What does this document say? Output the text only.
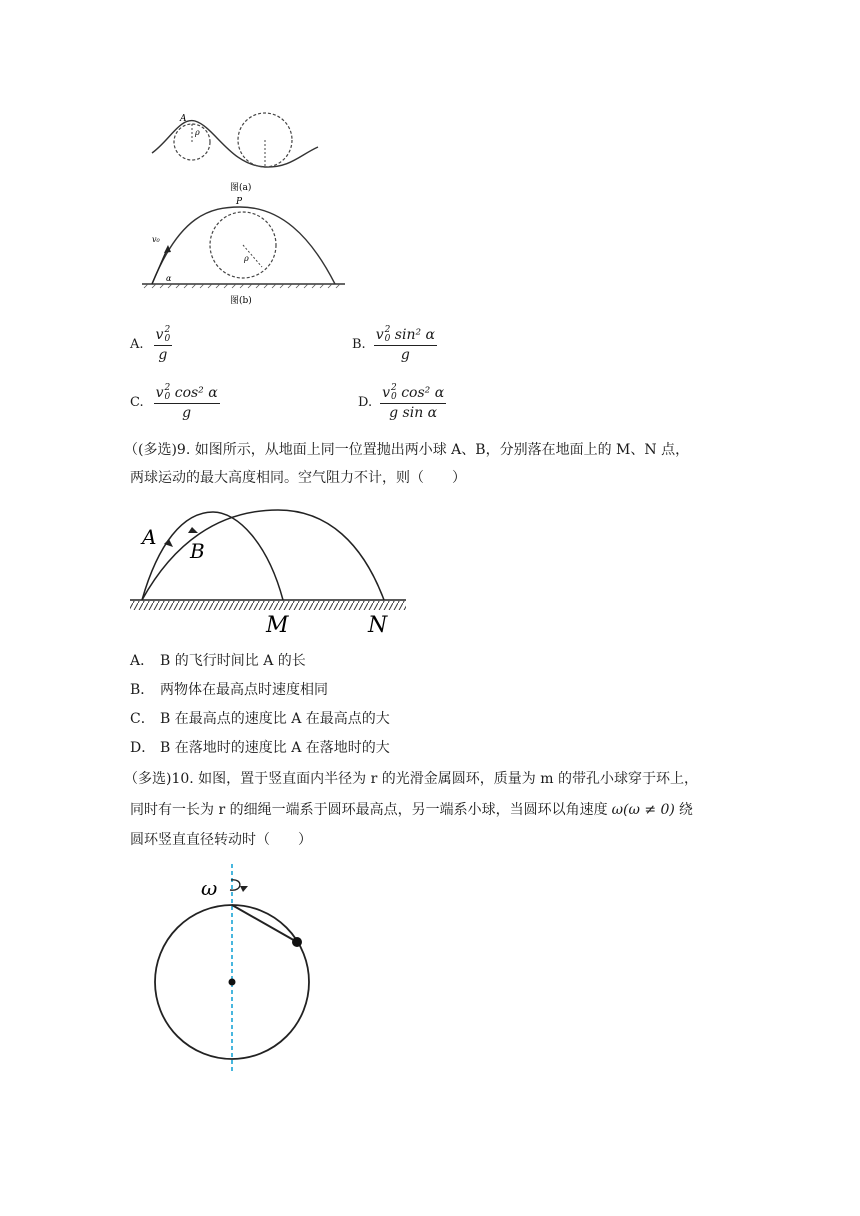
A
ρ
图(a)
P
v₀
α
ρ
图(b)
A. v 2
0
g	B. v 2
0 sin² α
g
C. v 2
0 cos² α
g	D. v 2
0 cos² α
g sin α
（(多选)9. 如图所示，从地面上同一位置抛出两小球 A、B，分别落在地面上的 M、N 点，
两球运动的最大高度相同。空气阻力不计，则（　　）
A
B
M	N
A． B 的飞行时间比 A 的长
B． 两物体在最高点时速度相同
C． B 在最高点的速度比 A 在最高点的大
D． B 在落地时的速度比 A 在落地时的大
（多选)10. 如图，置于竖直面内半径为 r 的光滑金属圆环，质量为 m 的带孔小球穿于环上，
同时有一长为 r 的细绳一端系于圆环最高点，另一端系小球，当圆环以角速度 ω(ω ≠ 0) 绕
圆环竖直直径转动时（　　）
ω
